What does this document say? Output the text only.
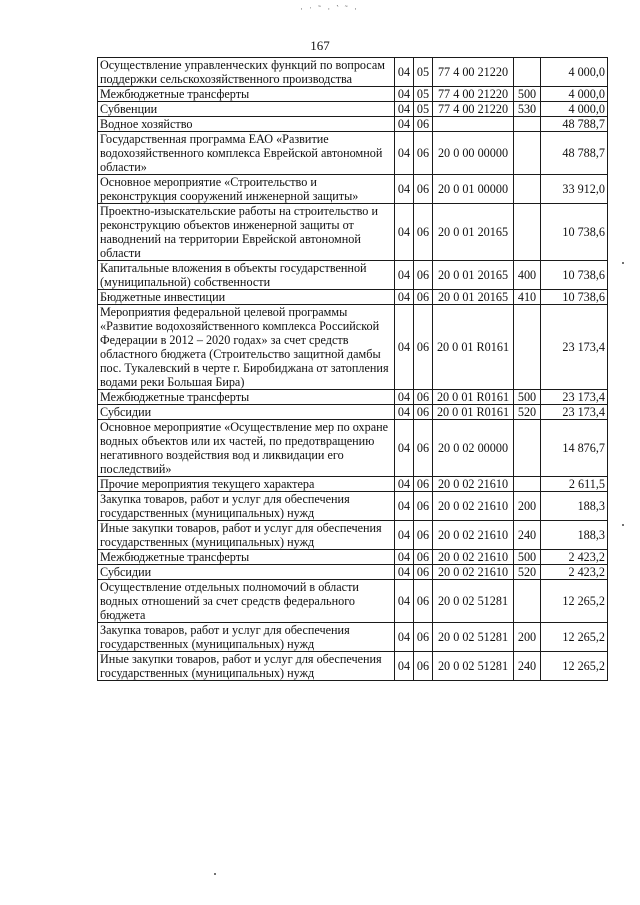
· ˑ ˜ · ‵ ˜ ·
167
Осуществление управленческих функций по вопросам поддержки сельскохозяйственного производства	04	05	77 4 00 21220		4 000,0
Межбюджетные трансферты	04	05	77 4 00 21220	500	4 000,0
Субвенции	04	05	77 4 00 21220	530	4 000,0
Водное хозяйство	04	06			48 788,7
Государственная программа ЕАО «Развитие водохозяйственного комплекса Еврейской автономной области»	04	06	20 0 00 00000		48 788,7
Основное мероприятие «Строительство и реконструкция сооружений инженерной защиты»	04	06	20 0 01 00000		33 912,0
Проектно-изыскательские работы на строительство и реконструкцию объектов инженерной защиты от наводнений на территории Еврейской автономной области	04	06	20 0 01 20165		10 738,6
Капитальные вложения в объекты государственной (муниципальной) собственности	04	06	20 0 01 20165	400	10 738,6
Бюджетные инвестиции	04	06	20 0 01 20165	410	10 738,6
Мероприятия федеральной целевой программы «Развитие водохозяйственного комплекса Российской Федерации в 2012 – 2020 годах» за счет средств областного бюджета (Строительство защитной дамбы пос. Тукалевский в черте г. Биробиджана от затопления водами реки Большая Бира)	04	06	20 0 01 R0161		23 173,4
Межбюджетные трансферты	04	06	20 0 01 R0161	500	23 173,4
Субсидии	04	06	20 0 01 R0161	520	23 173,4
Основное мероприятие «Осуществление мер по охране водных объектов или их частей, по предотвращению негативного воздействия вод и ликвидации его последствий»	04	06	20 0 02 00000		14 876,7
Прочие мероприятия текущего характера	04	06	20 0 02 21610		2 611,5
Закупка товаров, работ и услуг для обеспечения государственных (муниципальных) нужд	04	06	20 0 02 21610	200	188,3
Иные закупки товаров, работ и услуг для обеспечения государственных (муниципальных) нужд	04	06	20 0 02 21610	240	188,3
Межбюджетные трансферты	04	06	20 0 02 21610	500	2 423,2
Субсидии	04	06	20 0 02 21610	520	2 423,2
Осуществление отдельных полномочий в области водных отношений за счет средств федерального бюджета	04	06	20 0 02 51281		12 265,2
Закупка товаров, работ и услуг для обеспечения государственных (муниципальных) нужд	04	06	20 0 02 51281	200	12 265,2
Иные закупки товаров, работ и услуг для обеспечения государственных (муниципальных) нужд	04	06	20 0 02 51281	240	12 265,2
